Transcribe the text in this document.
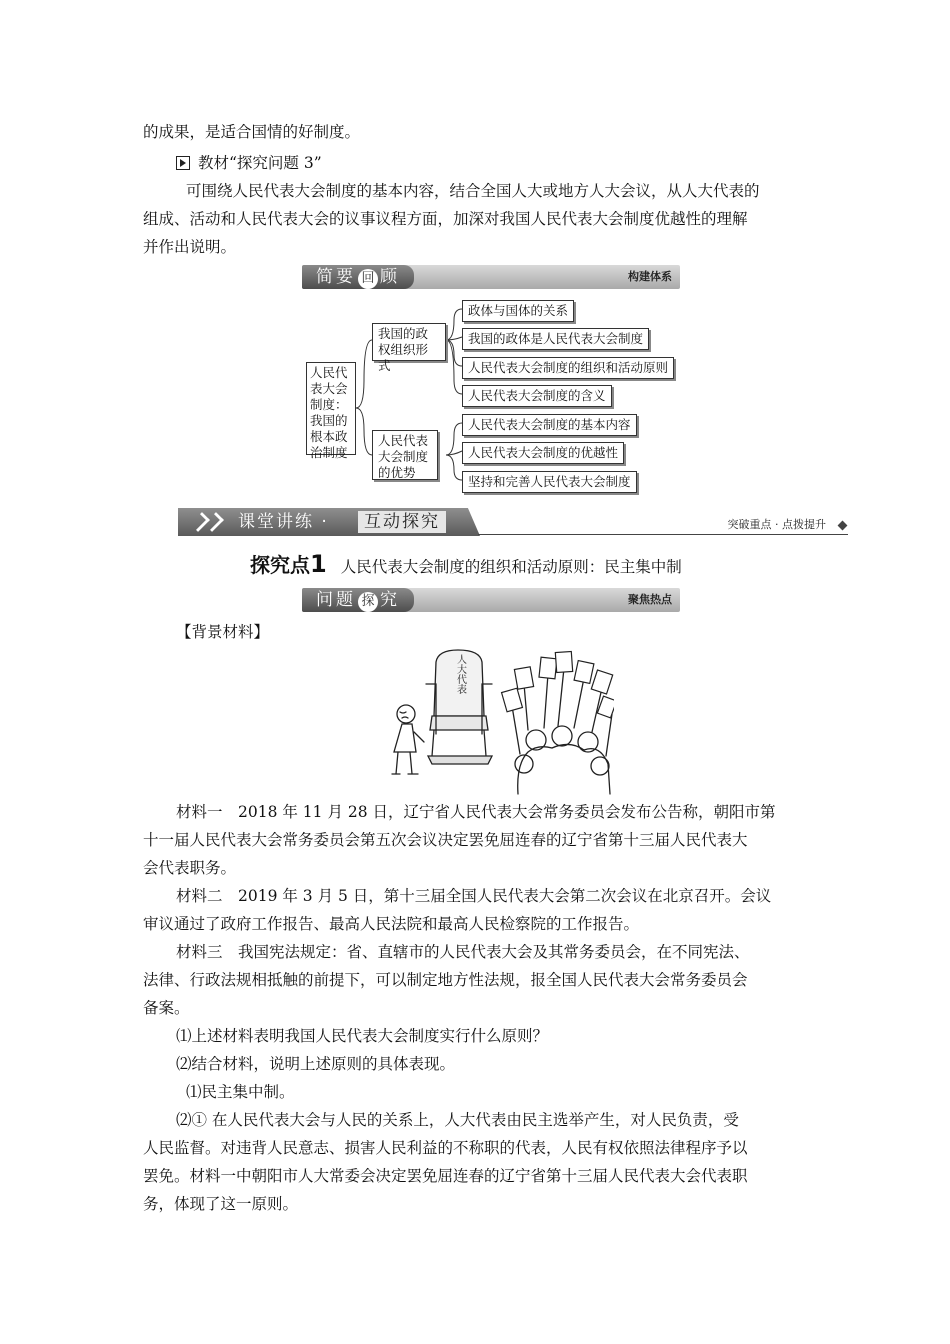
的成果，是适合国情的好制度。
教材“探究问题 3”
可围绕人民代表大会制度的基本内容，结合全国人大或地方人大会议，从人大代表的
组成、活动和人民代表大会的议事议程方面，加深对我国人民代表大会制度优越性的理解
并作出说明。
简要 回 顾	构建体系
人民代表大会制度：我国的根本政治制度
我国的政权组织形式
人民代表大会制度的优势
政体与国体的关系
我国的政体是人民代表大会制度
人民代表大会制度的组织和活动原则
人民代表大会制度的含义
人民代表大会制度的基本内容
人民代表大会制度的优越性
坚持和完善人民代表大会制度
课堂讲练 ·	互动探究	突破重点 · 点拨提升
探究点1 人民代表大会制度的组织和活动原则：民主集中制
问题 探 究	聚焦热点
【背景材料】
人大代表
材料一　2018 年 11 月 28 日，辽宁省人民代表大会常务委员会发布公告称，朝阳市第
十一届人民代表大会常务委员会第五次会议决定罢免屈连春的辽宁省第十三届人民代表大
会代表职务。
材料二　2019 年 3 月 5 日，第十三届全国人民代表大会第二次会议在北京召开。会议
审议通过了政府工作报告、最高人民法院和最高人民检察院的工作报告。
材料三　我国宪法规定：省、直辖市的人民代表大会及其常务委员会，在不同宪法、
法律、行政法规相抵触的前提下，可以制定地方性法规，报全国人民代表大会常务委员会
备案。
⑴上述材料表明我国人民代表大会制度实行什么原则？
⑵结合材料，说明上述原则的具体表现。
⑴民主集中制。
⑵① 在人民代表大会与人民的关系上，人大代表由民主选举产生，对人民负责，受
人民监督。对违背人民意志、损害人民利益的不称职的代表，人民有权依照法律程序予以
罢免。材料一中朝阳市人大常委会决定罢免屈连春的辽宁省第十三届人民代表大会代表职
务，体现了这一原则。
